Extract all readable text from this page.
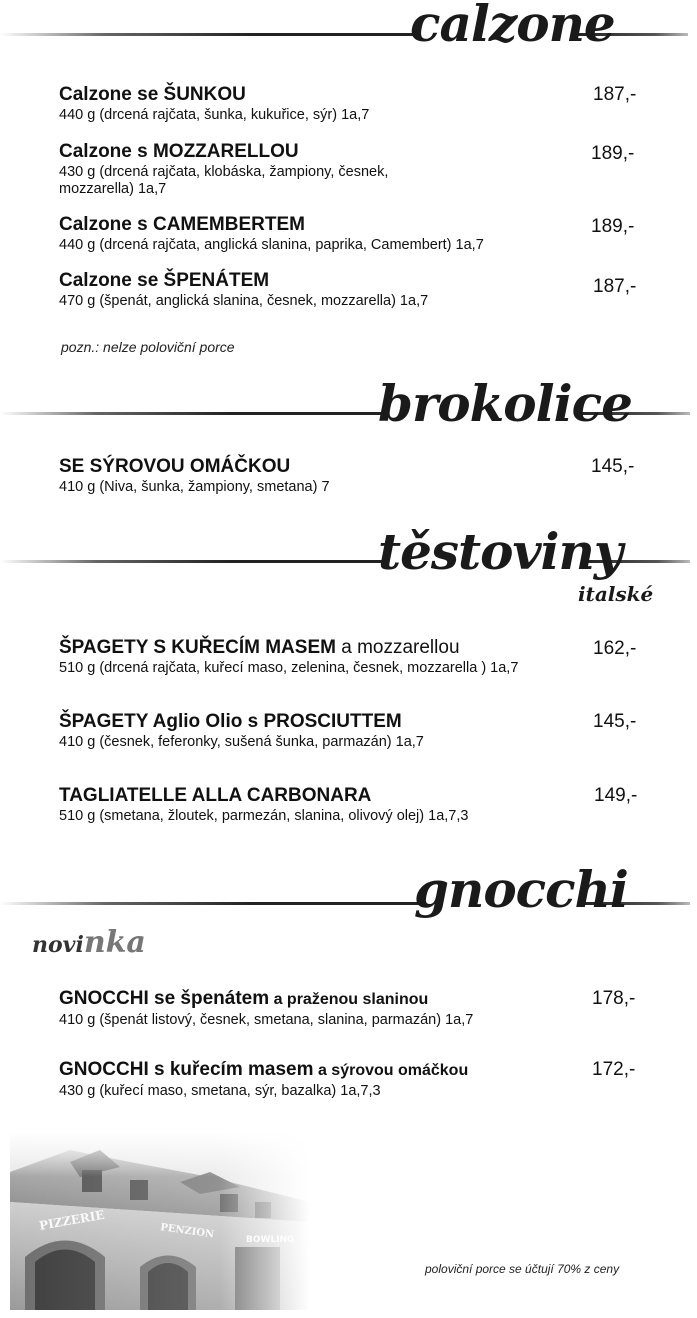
calzone
Calzone se ŠUNKOU
440 g (drcená rajčata, šunka, kukuřice, sýr) 1a,7
187,-
Calzone s MOZZARELLOU
430 g (drcená rajčata, klobáska, žampiony, česnek,
mozzarella) 1a,7
189,-
Calzone s CAMEMBERTEM
440 g (drcená rajčata, anglická slanina, paprika, Camembert) 1a,7
189,-
Calzone se ŠPENÁTEM
470 g (špenát, anglická slanina, česnek, mozzarella) 1a,7
187,-
pozn.: nelze poloviční porce
brokolice
SE SÝROVOU OMÁČKOU
410 g (Niva, šunka, žampiony, smetana) 7
145,-
těstoviny
italské
ŠPAGETY S KUŘECÍM MASEM a mozzarellou
510 g (drcená rajčata, kuřecí maso, zelenina, česnek, mozzarella ) 1a,7
162,-
ŠPAGETY Aglio Olio s PROSCIUTTEM
410 g (česnek, feferonky, sušená šunka, parmazán) 1a,7
145,-
TAGLIATELLE ALLA CARBONARA
510 g (smetana, žloutek, parmezán, slanina, olivový olej) 1a,7,3
149,-
gnocchi
novinka
GNOCCHI se špenátem a praženou slaninou
410 g (špenát listový, česnek, smetana, slanina, parmazán) 1a,7
178,-
GNOCCHI s kuřecím masem a sýrovou omáčkou
430 g (kuřecí maso, smetana, sýr, bazalka) 1a,7,3
172,-
poloviční porce se účtují 70% z ceny
